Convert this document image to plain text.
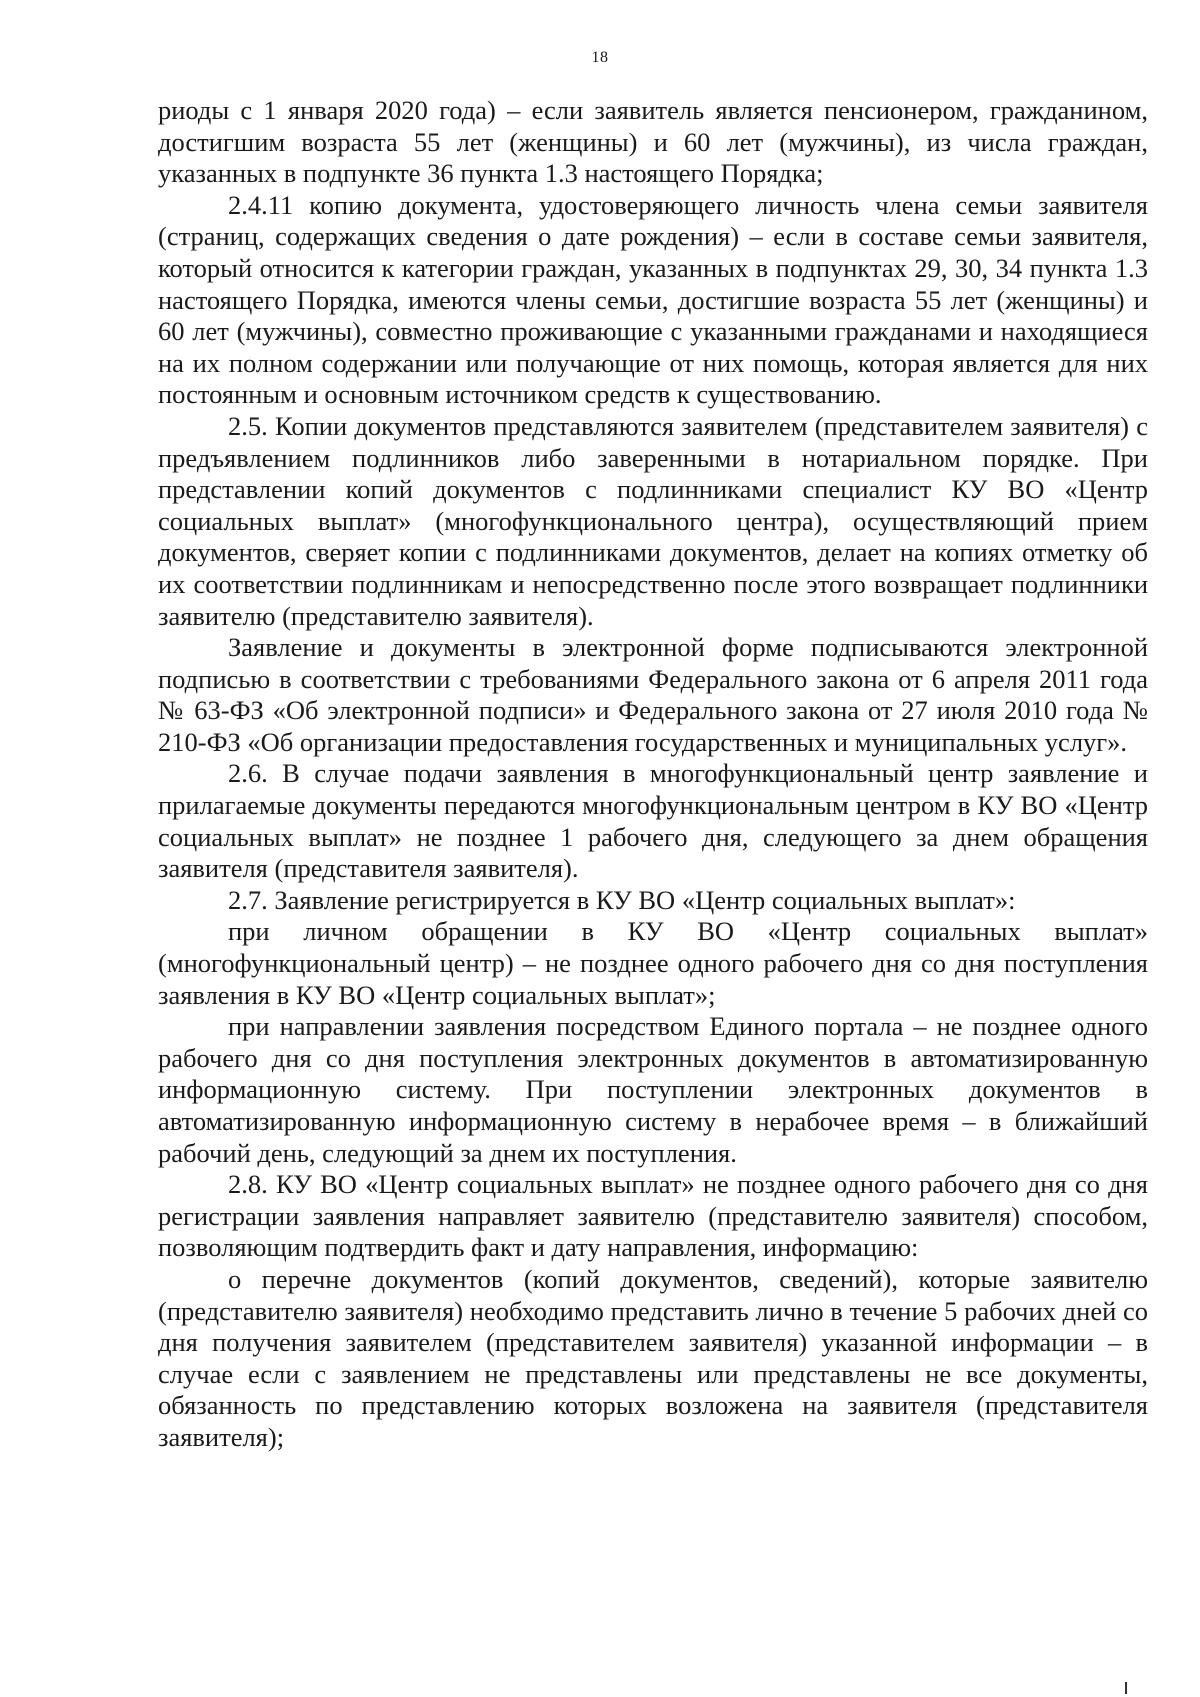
18

риоды с 1 января 2020 года) – если заявитель является пенсионером, гражданином, достигшим возраста 55 лет (женщины) и 60 лет (мужчины), из числа граждан, указанных в подпункте 36 пункта 1.3 настоящего Порядка;

2.4.11 копию документа, удостоверяющего личность члена семьи заявителя (страниц, содержащих сведения о дате рождения) – если в составе семьи заявителя, который относится к категории граждан, указанных в подпунктах 29, 30, 34 пункта 1.3 настоящего Порядка, имеются члены семьи, достигшие возраста 55 лет (женщины) и 60 лет (мужчины), совместно проживающие с указанными гражданами и находящиеся на их полном содержании или получающие от них помощь, которая является для них постоянным и основным источником средств к существованию.

2.5. Копии документов представляются заявителем (представителем заявителя) с предъявлением подлинников либо заверенными в нотариальном порядке. При представлении копий документов с подлинниками специалист КУ ВО «Центр социальных выплат» (многофункционального центра), осуществляющий прием документов, сверяет копии с подлинниками документов, делает на копиях отметку об их соответствии подлинникам и непосредственно после этого возвращает подлинники заявителю (представителю заявителя).

Заявление и документы в электронной форме подписываются электронной подписью в соответствии с требованиями Федерального закона от 6 апреля 2011 года № 63-ФЗ «Об электронной подписи» и Федерального закона от 27 июля 2010 года № 210-ФЗ «Об организации предоставления государственных и муниципальных услуг».

2.6. В случае подачи заявления в многофункциональный центр заявление и прилагаемые документы передаются многофункциональным центром в КУ ВО «Центр социальных выплат» не позднее 1 рабочего дня, следующего за днем обращения заявителя (представителя заявителя).

2.7. Заявление регистрируется в КУ ВО «Центр социальных выплат»:

при личном обращении в КУ ВО «Центр социальных выплат» (многофункциональный центр) – не позднее одного рабочего дня со дня поступления заявления в КУ ВО «Центр социальных выплат»;

при направлении заявления посредством Единого портала – не позднее одного рабочего дня со дня поступления электронных документов в автоматизированную информационную систему. При поступлении электронных документов в автоматизированную информационную систему в нерабочее время – в ближайший рабочий день, следующий за днем их поступления.

2.8. КУ ВО «Центр социальных выплат» не позднее одного рабочего дня со дня регистрации заявления направляет заявителю (представителю заявителя) способом, позволяющим подтвердить факт и дату направления, информацию:

о перечне документов (копий документов, сведений), которые заявителю (представителю заявителя) необходимо представить лично в течение 5 рабочих дней со дня получения заявителем (представителем заявителя) указанной информации – в случае если с заявлением не представлены или представлены не все документы, обязанность по представлению которых возложена на заявителя (представителя заявителя);
